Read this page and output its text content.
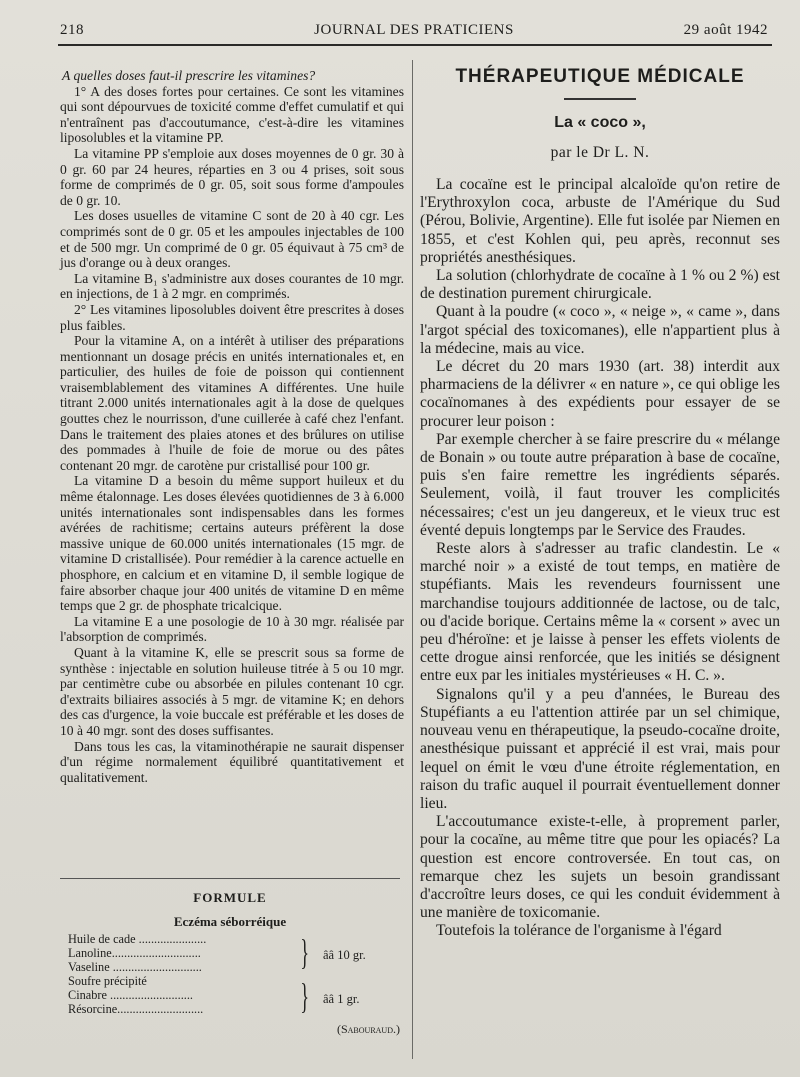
218	JOURNAL DES PRATICIENS	29 août 1942

A quelles doses faut-il prescrire les vitamines?

1° A des doses fortes pour certaines. Ce sont les vitamines qui sont dépourvues de toxicité comme d'effet cumulatif et qui n'entraînent pas d'accoutumance, c'est-à-dire les vitamines liposolubles et la vitamine PP.

La vitamine PP s'emploie aux doses moyennes de 0 gr. 30 à 0 gr. 60 par 24 heures, réparties en 3 ou 4 prises, soit sous forme de comprimés de 0 gr. 05, soit sous forme d'ampoules de 0 gr. 10.

Les doses usuelles de vitamine C sont de 20 à 40 cgr. Les comprimés sont de 0 gr. 05 et les ampoules injectables de 100 et de 500 mgr. Un comprimé de 0 gr. 05 équivaut à 75 cm³ de jus d'orange ou à deux oranges.

La vitamine B₁ s'administre aux doses courantes de 10 mgr. en injections, de 1 à 2 mgr. en comprimés.

2° Les vitamines liposolubles doivent être prescrites à doses plus faibles.

Pour la vitamine A, on a intérêt à utiliser des préparations mentionnant un dosage précis en unités internationales et, en particulier, des huiles de foie de poisson qui contiennent vraisemblablement des vitamines A différentes. Une huile titrant 2.000 unités internationales agit à la dose de quelques gouttes chez le nourrisson, d'une cuillerée à café chez l'enfant. Dans le traitement des plaies atones et des brûlures on utilise des pommades à l'huile de foie de morue ou des pâtes contenant 20 mgr. de carotène pur cristallisé pour 100 gr.

La vitamine D a besoin du même support huileux et du même étalonnage. Les doses élevées quotidiennes de 3 à 6.000 unités internationales sont indispensables dans les formes avérées de rachitisme; certains auteurs préfèrent la dose massive unique de 60.000 unités internationales (15 mgr. de vitamine D cristallisée). Pour remédier à la carence actuelle en phosphore, en calcium et en vitamine D, il semble logique de faire absorber chaque jour 400 unités de vitamine D en même temps que 2 gr. de phosphate tricalcique.

La vitamine E a une posologie de 10 à 30 mgr. réalisée par l'absorption de comprimés.

Quant à la vitamine K, elle se prescrit sous sa forme de synthèse : injectable en solution huileuse titrée à 5 ou 10 mgr. par centimètre cube ou absorbée en pilules contenant 10 cgr. d'extraits biliaires associés à 5 mgr. de vitamine K; en dehors des cas d'urgence, la voie buccale est préférable et les doses de 10 à 40 mgr. sont des doses suffisantes.

Dans tous les cas, la vitaminothérapie ne saurait dispenser d'un régime normalement équilibré quantitativement et qualitativement.

FORMULE
Eczéma séborréique
Huile de cade ......................
Lanoline.............................
Vaseline .............................
Soufre précipité
Cinabre ...........................
Résorcine............................
}
}
ââ 10 gr.
ââ 1 gr.
(Sabouraud.)
THÉRAPEUTIQUE MÉDICALE
La « coco »,
par le Dr L. N.

La cocaïne est le principal alcaloïde qu'on retire de l'Erythroxylon coca, arbuste de l'Amérique du Sud (Pérou, Bolivie, Argentine). Elle fut isolée par Niemen en 1855, et c'est Kohlen qui, peu après, reconnut ses propriétés anesthésiques.

La solution (chlorhydrate de cocaïne à 1 % ou 2 %) est de destination purement chirurgicale.

Quant à la poudre (« coco », « neige », « came », dans l'argot spécial des toxicomanes), elle n'appartient plus à la médecine, mais au vice.

Le décret du 20 mars 1930 (art. 38) interdit aux pharmaciens de la délivrer « en nature », ce qui oblige les cocaïnomanes à des expédients pour essayer de se procurer leur poison :

Par exemple chercher à se faire prescrire du « mélange de Bonain » ou toute autre préparation à base de cocaïne, puis s'en faire remettre les ingrédients séparés. Seulement, voilà, il faut trouver les complicités nécessaires; c'est un jeu dangereux, et le vieux truc est éventé depuis longtemps par le Service des Fraudes.

Reste alors à s'adresser au trafic clandestin. Le « marché noir » a existé de tout temps, en matière de stupéfiants. Mais les revendeurs fournissent une marchandise toujours additionnée de lactose, ou de talc, ou d'acide borique. Certains même la « corsent » avec un peu d'héroïne: et je laisse à penser les effets violents de cette drogue ainsi renforcée, que les initiés se désignent entre eux par les initiales mystérieuses « H. C. ».

Signalons qu'il y a peu d'années, le Bureau des Stupéfiants a eu l'attention attirée par un sel chimique, nouveau venu en thérapeutique, la pseudo-cocaïne droite, anesthésique puissant et apprécié il est vrai, mais pour lequel on émit le vœu d'une étroite réglementation, en raison du trafic auquel il pourrait éventuellement donner lieu.

L'accoutumance existe-t-elle, à proprement parler, pour la cocaïne, au même titre que pour les opiacés? La question est encore controversée. En tout cas, on remarque chez les sujets un besoin grandissant d'accroître leurs doses, ce qui les conduit évidemment à une manière de toxicomanie.

Toutefois la tolérance de l'organisme à l'égard
